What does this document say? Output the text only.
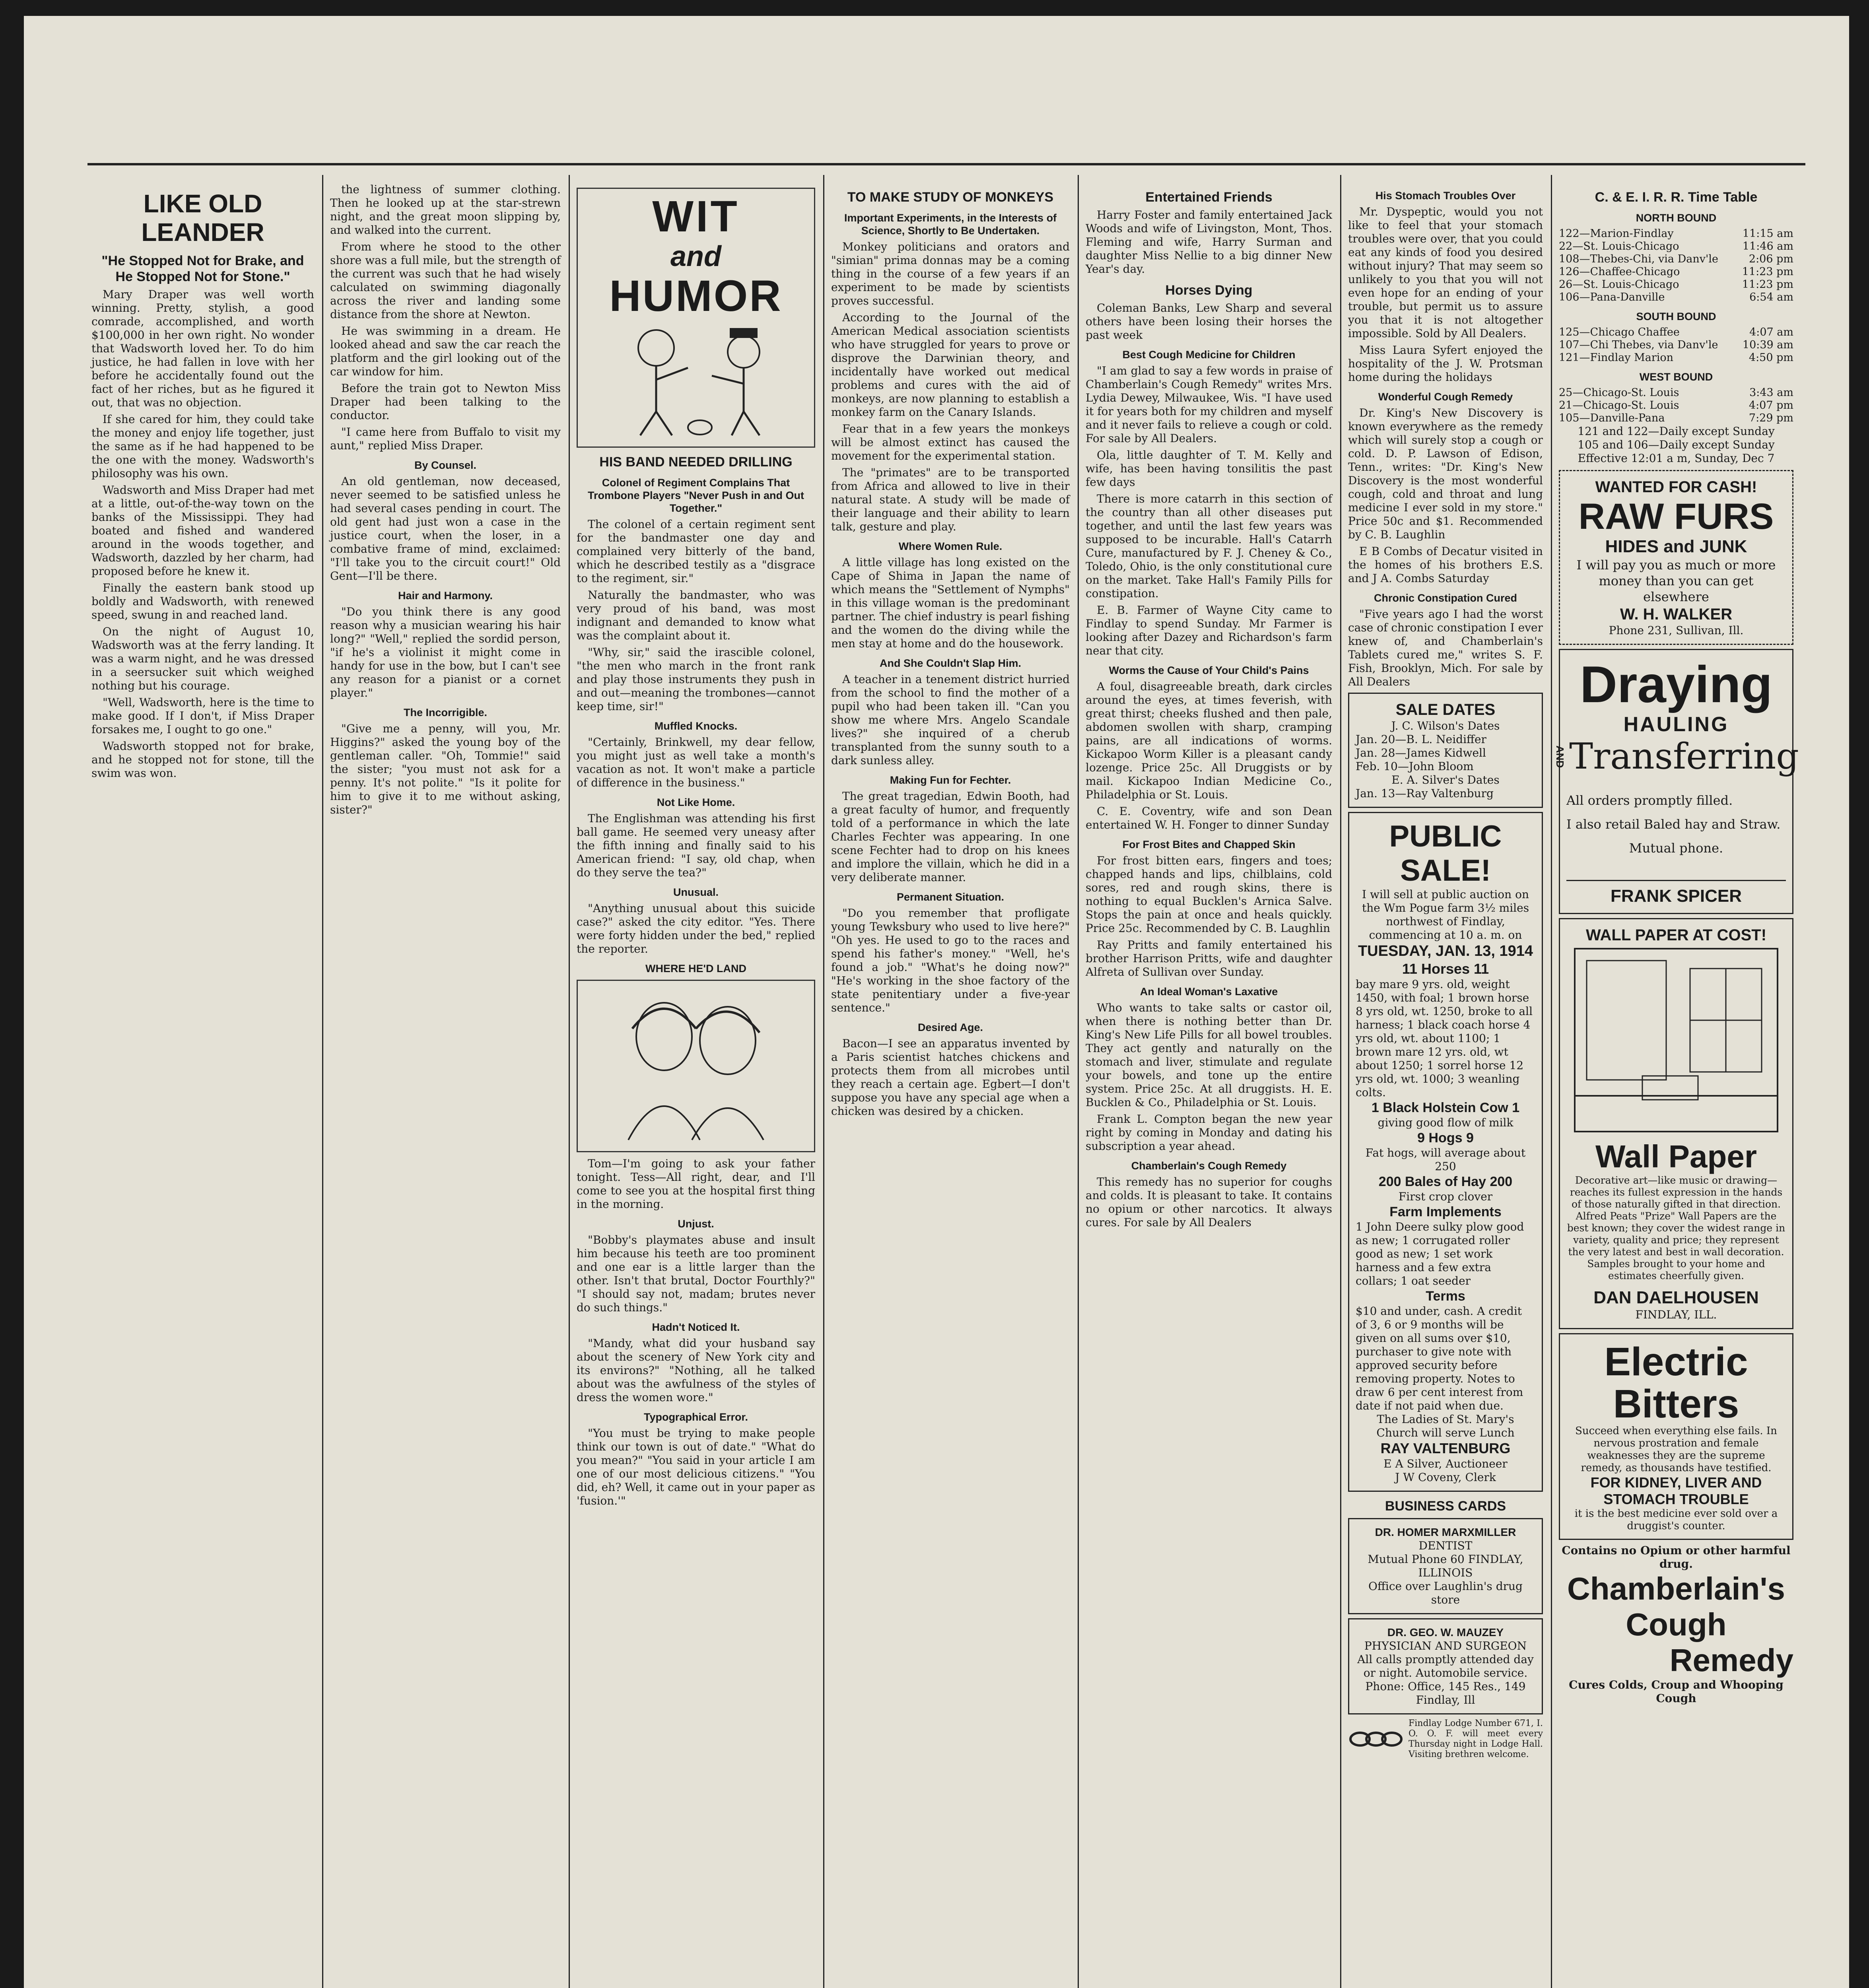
LIKE OLD LEANDER
"He Stopped Not for Brake, and He Stopped Not for Stone."

Mary Draper was well worth winning. Pretty, stylish, a good comrade, accomplished, and worth $100,000 in her own right. No wonder that Wadsworth loved her. To do him justice, he had fallen in love with her before he accidentally found out the fact of her riches, but as he figured it out, that was no objection.

If she cared for him, they could take the money and enjoy life together, just the same as if he had happened to be the one with the money. Wadsworth's philosophy was his own.

Wadsworth and Miss Draper had met at a little, out-of-the-way town on the banks of the Mississippi. They had boated and fished and wandered around in the woods together, and Wadsworth, dazzled by her charm, had proposed before he knew it.

Finally the eastern bank stood up boldly and Wadsworth, with renewed speed, swung in and reached land.

On the night of August 10, Wadsworth was at the ferry landing. It was a warm night, and he was dressed in a seersucker suit which weighed nothing but his courage.

"Well, Wadsworth, here is the time to make good. If I don't, if Miss Draper forsakes me, I ought to go one."

Wadsworth stopped not for brake, and he stopped not for stone, till the swim was won.

the lightness of summer clothing. Then he looked up at the star-strewn night, and the great moon slipping by, and walked into the current.

From where he stood to the other shore was a full mile, but the strength of the current was such that he had wisely calculated on swimming diagonally across the river and landing some distance from the shore at Newton.

He was swimming in a dream. He looked ahead and saw the car reach the platform and the girl looking out of the car window for him.

Before the train got to Newton Miss Draper had been talking to the conductor.

"I came here from Buffalo to visit my aunt," replied Miss Draper.

By Counsel.

An old gentleman, now deceased, never seemed to be satisfied unless he had several cases pending in court. The old gent had just won a case in the justice court, when the loser, in a combative frame of mind, exclaimed: "I'll take you to the circuit court!" Old Gent—I'll be there.

Hair and Harmony.

"Do you think there is any good reason why a musician wearing his hair long?" "Well," replied the sordid person, "if he's a violinist it might come in handy for use in the bow, but I can't see any reason for a pianist or a cornet player."

The Incorrigible.

"Give me a penny, will you, Mr. Higgins?" asked the young boy of the gentleman caller. "Oh, Tommie!" said the sister; "you must not ask for a penny. It's not polite." "Is it polite for him to give it to me without asking, sister?"

WIT
and
HUMOR
HIS BAND NEEDED DRILLING
Colonel of Regiment Complains That Trombone Players "Never Push in and Out Together."

The colonel of a certain regiment sent for the bandmaster one day and complained very bitterly of the band, which he described testily as a "disgrace to the regiment, sir."

Naturally the bandmaster, who was very proud of his band, was most indignant and demanded to know what was the complaint about it.

"Why, sir," said the irascible colonel, "the men who march in the front rank and play those instruments they push in and out—meaning the trombones—cannot keep time, sir!"

Muffled Knocks.

"Certainly, Brinkwell, my dear fellow, you might just as well take a month's vacation as not. It won't make a particle of difference in the business."

Not Like Home.

The Englishman was attending his first ball game. He seemed very uneasy after the fifth inning and finally said to his American friend: "I say, old chap, when do they serve the tea?"

Unusual.

"Anything unusual about this suicide case?" asked the city editor. "Yes. There were forty hidden under the bed," replied the reporter.

WHERE HE'D LAND

Tom—I'm going to ask your father tonight. Tess—All right, dear, and I'll come to see you at the hospital first thing in the morning.

Unjust.

"Bobby's playmates abuse and insult him because his teeth are too prominent and one ear is a little larger than the other. Isn't that brutal, Doctor Fourthly?" "I should say not, madam; brutes never do such things."

Hadn't Noticed It.

"Mandy, what did your husband say about the scenery of New York city and its environs?" "Nothing, all he talked about was the awfulness of the styles of dress the women wore."

Typographical Error.

"You must be trying to make people think our town is out of date." "What do you mean?" "You said in your article I am one of our most delicious citizens." "You did, eh? Well, it came out in your paper as 'fusion.'"

TO MAKE STUDY OF MONKEYS
Important Experiments, in the Interests of Science, Shortly to Be Undertaken.

Monkey politicians and orators and "simian" prima donnas may be a coming thing in the course of a few years if an experiment to be made by scientists proves successful.

According to the Journal of the American Medical association scientists who have struggled for years to prove or disprove the Darwinian theory, and incidentally have worked out medical problems and cures with the aid of monkeys, are now planning to establish a monkey farm on the Canary Islands.

Fear that in a few years the monkeys will be almost extinct has caused the movement for the experimental station.

The "primates" are to be transported from Africa and allowed to live in their natural state. A study will be made of their language and their ability to learn talk, gesture and play.

Where Women Rule.

A little village has long existed on the Cape of Shima in Japan the name of which means the "Settlement of Nymphs" in this village woman is the predominant partner. The chief industry is pearl fishing and the women do the diving while the men stay at home and do the housework.

And She Couldn't Slap Him.

A teacher in a tenement district hurried from the school to find the mother of a pupil who had been taken ill. "Can you show me where Mrs. Angelo Scandale lives?" she inquired of a cherub transplanted from the sunny south to a dark sunless alley.

Making Fun for Fechter.

The great tragedian, Edwin Booth, had a great faculty of humor, and frequently told of a performance in which the late Charles Fechter was appearing. In one scene Fechter had to drop on his knees and implore the villain, which he did in a very deliberate manner.

Permanent Situation.

"Do you remember that profligate young Tewksbury who used to live here?" "Oh yes. He used to go to the races and spend his father's money." "Well, he's found a job." "What's he doing now?" "He's working in the shoe factory of the state penitentiary under a five-year sentence."

Desired Age.

Bacon—I see an apparatus invented by a Paris scientist hatches chickens and protects them from all microbes until they reach a certain age. Egbert—I don't suppose you have any special age when a chicken was desired by a chicken.

Entertained Friends

Harry Foster and family entertained Jack Woods and wife of Livingston, Mont, Thos. Fleming and wife, Harry Surman and daughter Miss Nellie to a big dinner New Year's day.

Horses Dying

Coleman Banks, Lew Sharp and several others have been losing their horses the past week

Best Cough Medicine for Children

"I am glad to say a few words in praise of Chamberlain's Cough Remedy" writes Mrs. Lydia Dewey, Milwaukee, Wis. "I have used it for years both for my children and myself and it never fails to relieve a cough or cold. For sale by All Dealers.

Ola, little daughter of T. M. Kelly and wife, has been having tonsilitis the past few days

There is more catarrh in this section of the country than all other diseases put together, and until the last few years was supposed to be incurable. Hall's Catarrh Cure, manufactured by F. J. Cheney & Co., Toledo, Ohio, is the only constitutional cure on the market. Take Hall's Family Pills for constipation.

E. B. Farmer of Wayne City came to Findlay to spend Sunday. Mr Farmer is looking after Dazey and Richardson's farm near that city.

Worms the Cause of Your Child's Pains

A foul, disagreeable breath, dark circles around the eyes, at times feverish, with great thirst; cheeks flushed and then pale, abdomen swollen with sharp, cramping pains, are all indications of worms. Kickapoo Worm Killer is a pleasant candy lozenge. Price 25c. All Druggists or by mail. Kickapoo Indian Medicine Co., Philadelphia or St. Louis.

C. E. Coventry, wife and son Dean entertained W. H. Fonger to dinner Sunday

For Frost Bites and Chapped Skin

For frost bitten ears, fingers and toes; chapped hands and lips, chilblains, cold sores, red and rough skins, there is nothing to equal Bucklen's Arnica Salve. Stops the pain at once and heals quickly. Price 25c. Recommended by C. B. Laughlin

Ray Pritts and family entertained his brother Harrison Pritts, wife and daughter Alfreta of Sullivan over Sunday.

An Ideal Woman's Laxative

Who wants to take salts or castor oil, when there is nothing better than Dr. King's New Life Pills for all bowel troubles. They act gently and naturally on the stomach and liver, stimulate and regulate your bowels, and tone up the entire system. Price 25c. At all druggists. H. E. Bucklen & Co., Philadelphia or St. Louis.

Frank L. Compton began the new year right by coming in Monday and dating his subscription a year ahead.

Chamberlain's Cough Remedy

This remedy has no superior for coughs and colds. It is pleasant to take. It contains no opium or other narcotics. It always cures. For sale by All Dealers

His Stomach Troubles Over

Mr. Dyspeptic, would you not like to feel that your stomach troubles were over, that you could eat any kinds of food you desired without injury? That may seem so unlikely to you that you will not even hope for an ending of your trouble, but permit us to assure you that it is not altogether impossible. Sold by All Dealers.

Miss Laura Syfert enjoyed the hospitality of the J. W. Protsman home during the holidays

Wonderful Cough Remedy

Dr. King's New Discovery is known everywhere as the remedy which will surely stop a cough or cold. D. P. Lawson of Edison, Tenn., writes: "Dr. King's New Discovery is the most wonderful cough, cold and throat and lung medicine I ever sold in my store." Price 50c and $1. Recommended by C. B. Laughlin

E B Combs of Decatur visited in the homes of his brothers E.S. and J A. Combs Saturday

Chronic Constipation Cured

"Five years ago I had the worst case of chronic constipation I ever knew of, and Chamberlain's Tablets cured me," writes S. F. Fish, Brooklyn, Mich. For sale by All Dealers

SALE DATES
J. C. Wilson's Dates
Jan. 20—B. L. Neidiffer
Jan. 28—James Kidwell
Feb. 10—John Bloom
E. A. Silver's Dates
Jan. 13—Ray Valtenburg
PUBLIC SALE!
I will sell at public auction on the Wm Pogue farm 3½ miles northwest of Findlay, commencing at 10 a. m. on
TUESDAY, JAN. 13, 1914
11 Horses 11
bay mare 9 yrs. old, weight 1450, with foal; 1 brown horse 8 yrs old, wt. 1250, broke to all harness; 1 black coach horse 4 yrs old, wt. about 1100; 1 brown mare 12 yrs. old, wt about 1250; 1 sorrel horse 12 yrs old, wt. 1000; 3 weanling colts.
1 Black Holstein Cow 1
giving good flow of milk
9 Hogs 9
Fat hogs, will average about 250
200 Bales of Hay 200
First crop clover
Farm Implements
1 John Deere sulky plow good as new; 1 corrugated roller good as new; 1 set work harness and a few extra collars; 1 oat seeder
Terms
$10 and under, cash. A credit of 3, 6 or 9 months will be given on all sums over $10, purchaser to give note with approved security before removing property. Notes to draw 6 per cent interest from date if not paid when due.
The Ladies of St. Mary's Church will serve Lunch
RAY VALTENBURG
E A Silver, Auctioneer
J W Coveny, Clerk
BUSINESS CARDS
DR. HOMER MARXMILLER
DENTIST
Mutual Phone 60 FINDLAY, ILLINOIS
Office over Laughlin's drug store
DR. GEO. W. MAUZEY
PHYSICIAN AND SURGEON
All calls promptly attended day or night. Automobile service.
Phone: Office, 145 Res., 149 Findlay, Ill
Findlay Lodge Number 671, I. O. O. F. will meet every Thursday night in Lodge Hall. Visiting brethren welcome.
C. & E. I. R. R. Time Table
NORTH BOUND
122—Marion-Findlay	11:15 am
22—St. Louis-Chicago	11:46 am
108—Thebes-Chi, via Danv'le	2:06 pm
126—Chaffee-Chicago	11:23 pm
26—St. Louis-Chicago	11:23 pm
106—Pana-Danville	6:54 am
SOUTH BOUND
125—Chicago Chaffee	4:07 am
107—Chi Thebes, via Danv'le	10:39 am
121—Findlay Marion	4:50 pm
WEST BOUND
25—Chicago-St. Louis	3:43 am
21—Chicago-St. Louis	4:07 pm
105—Danville-Pana	7:29 pm
121 and 122—Daily except Sunday
105 and 106—Daily except Sunday
Effective 12:01 a m, Sunday, Dec 7
WANTED FOR CASH!
RAW FURS
HIDES and JUNK
I will pay you as much or more money than you can get elsewhere
W. H. WALKER
Phone 231, Sullivan, Ill.
Draying
HAULING
AND Transferring
All orders promptly filled.
I also retail Baled hay and Straw.
Mutual phone.
FRANK SPICER
WALL PAPER AT COST!
Wall Paper
Decorative art—like music or drawing—reaches its fullest expression in the hands of those naturally gifted in that direction. Alfred Peats "Prize" Wall Papers are the best known; they cover the widest range in variety, quality and price; they represent the very latest and best in wall decoration. Samples brought to your home and estimates cheerfully given.
DAN DAELHOUSEN
FINDLAY, ILL.
Electric
Bitters
Succeed when everything else fails. In nervous prostration and female weaknesses they are the supreme remedy, as thousands have testified.
FOR KIDNEY, LIVER AND STOMACH TROUBLE
it is the best medicine ever sold over a druggist's counter.
Contains no Opium or other harmful drug.
Chamberlain's
Cough
Remedy
Cures Colds, Croup and Whooping Cough
